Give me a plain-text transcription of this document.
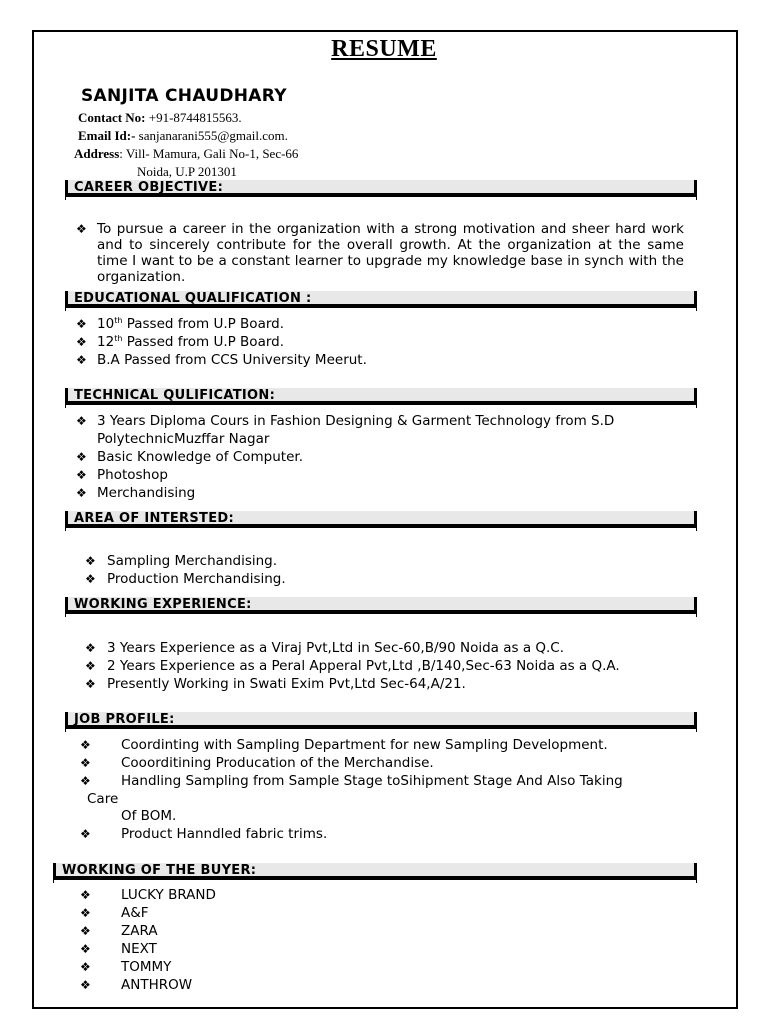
RESUME
SANJITA CHAUDHARY
Contact No: +91-8744815563.
Email Id:- sanjanarani555@gmail.com.
Address: Vill- Mamura, Gali No-1, Sec-66
Noida, U.P 201301
CAREER OBJECTIVE:
❖ To pursue a career in the organization with a strong motivation and sheer hard work and to sincerely contribute for the overall growth. At the organization at the same time I want to be a constant learner to upgrade my knowledge base in synch with the organization.
EDUCATIONAL QUALIFICATION :
❖ 10th Passed from U.P Board.
❖ 12th Passed from U.P Board.
❖ B.A Passed from CCS University Meerut.
TECHNICAL QULIFICATION:
❖ 3 Years Diploma Cours in Fashion Designing & Garment Technology from S.D
PolytechnicMuzffar Nagar
❖ Basic Knowledge of Computer.
❖ Photoshop
❖ Merchandising
AREA OF INTERSTED:
❖ Sampling Merchandising.
❖ Production Merchandising.
WORKING EXPERIENCE:
❖ 3 Years Experience as a Viraj Pvt,Ltd in Sec-60,B/90 Noida as a Q.C.
❖ 2 Years Experience as a Peral Apperal Pvt,Ltd ,B/140,Sec-63 Noida as a Q.A.
❖ Presently Working in Swati Exim Pvt,Ltd Sec-64,A/21.
JOB PROFILE:
❖ Coordinting with Sampling Department for new Sampling Development.
❖ Cooorditining Producation of the Merchandise.
❖ Handling Sampling from Sample Stage toSihipment Stage And Also Taking
Care
Of BOM.
❖ Product Hanndled fabric trims.
WORKING OF THE BUYER:
❖ LUCKY BRAND
❖ A&F
❖ ZARA
❖ NEXT
❖ TOMMY
❖ ANTHROW
